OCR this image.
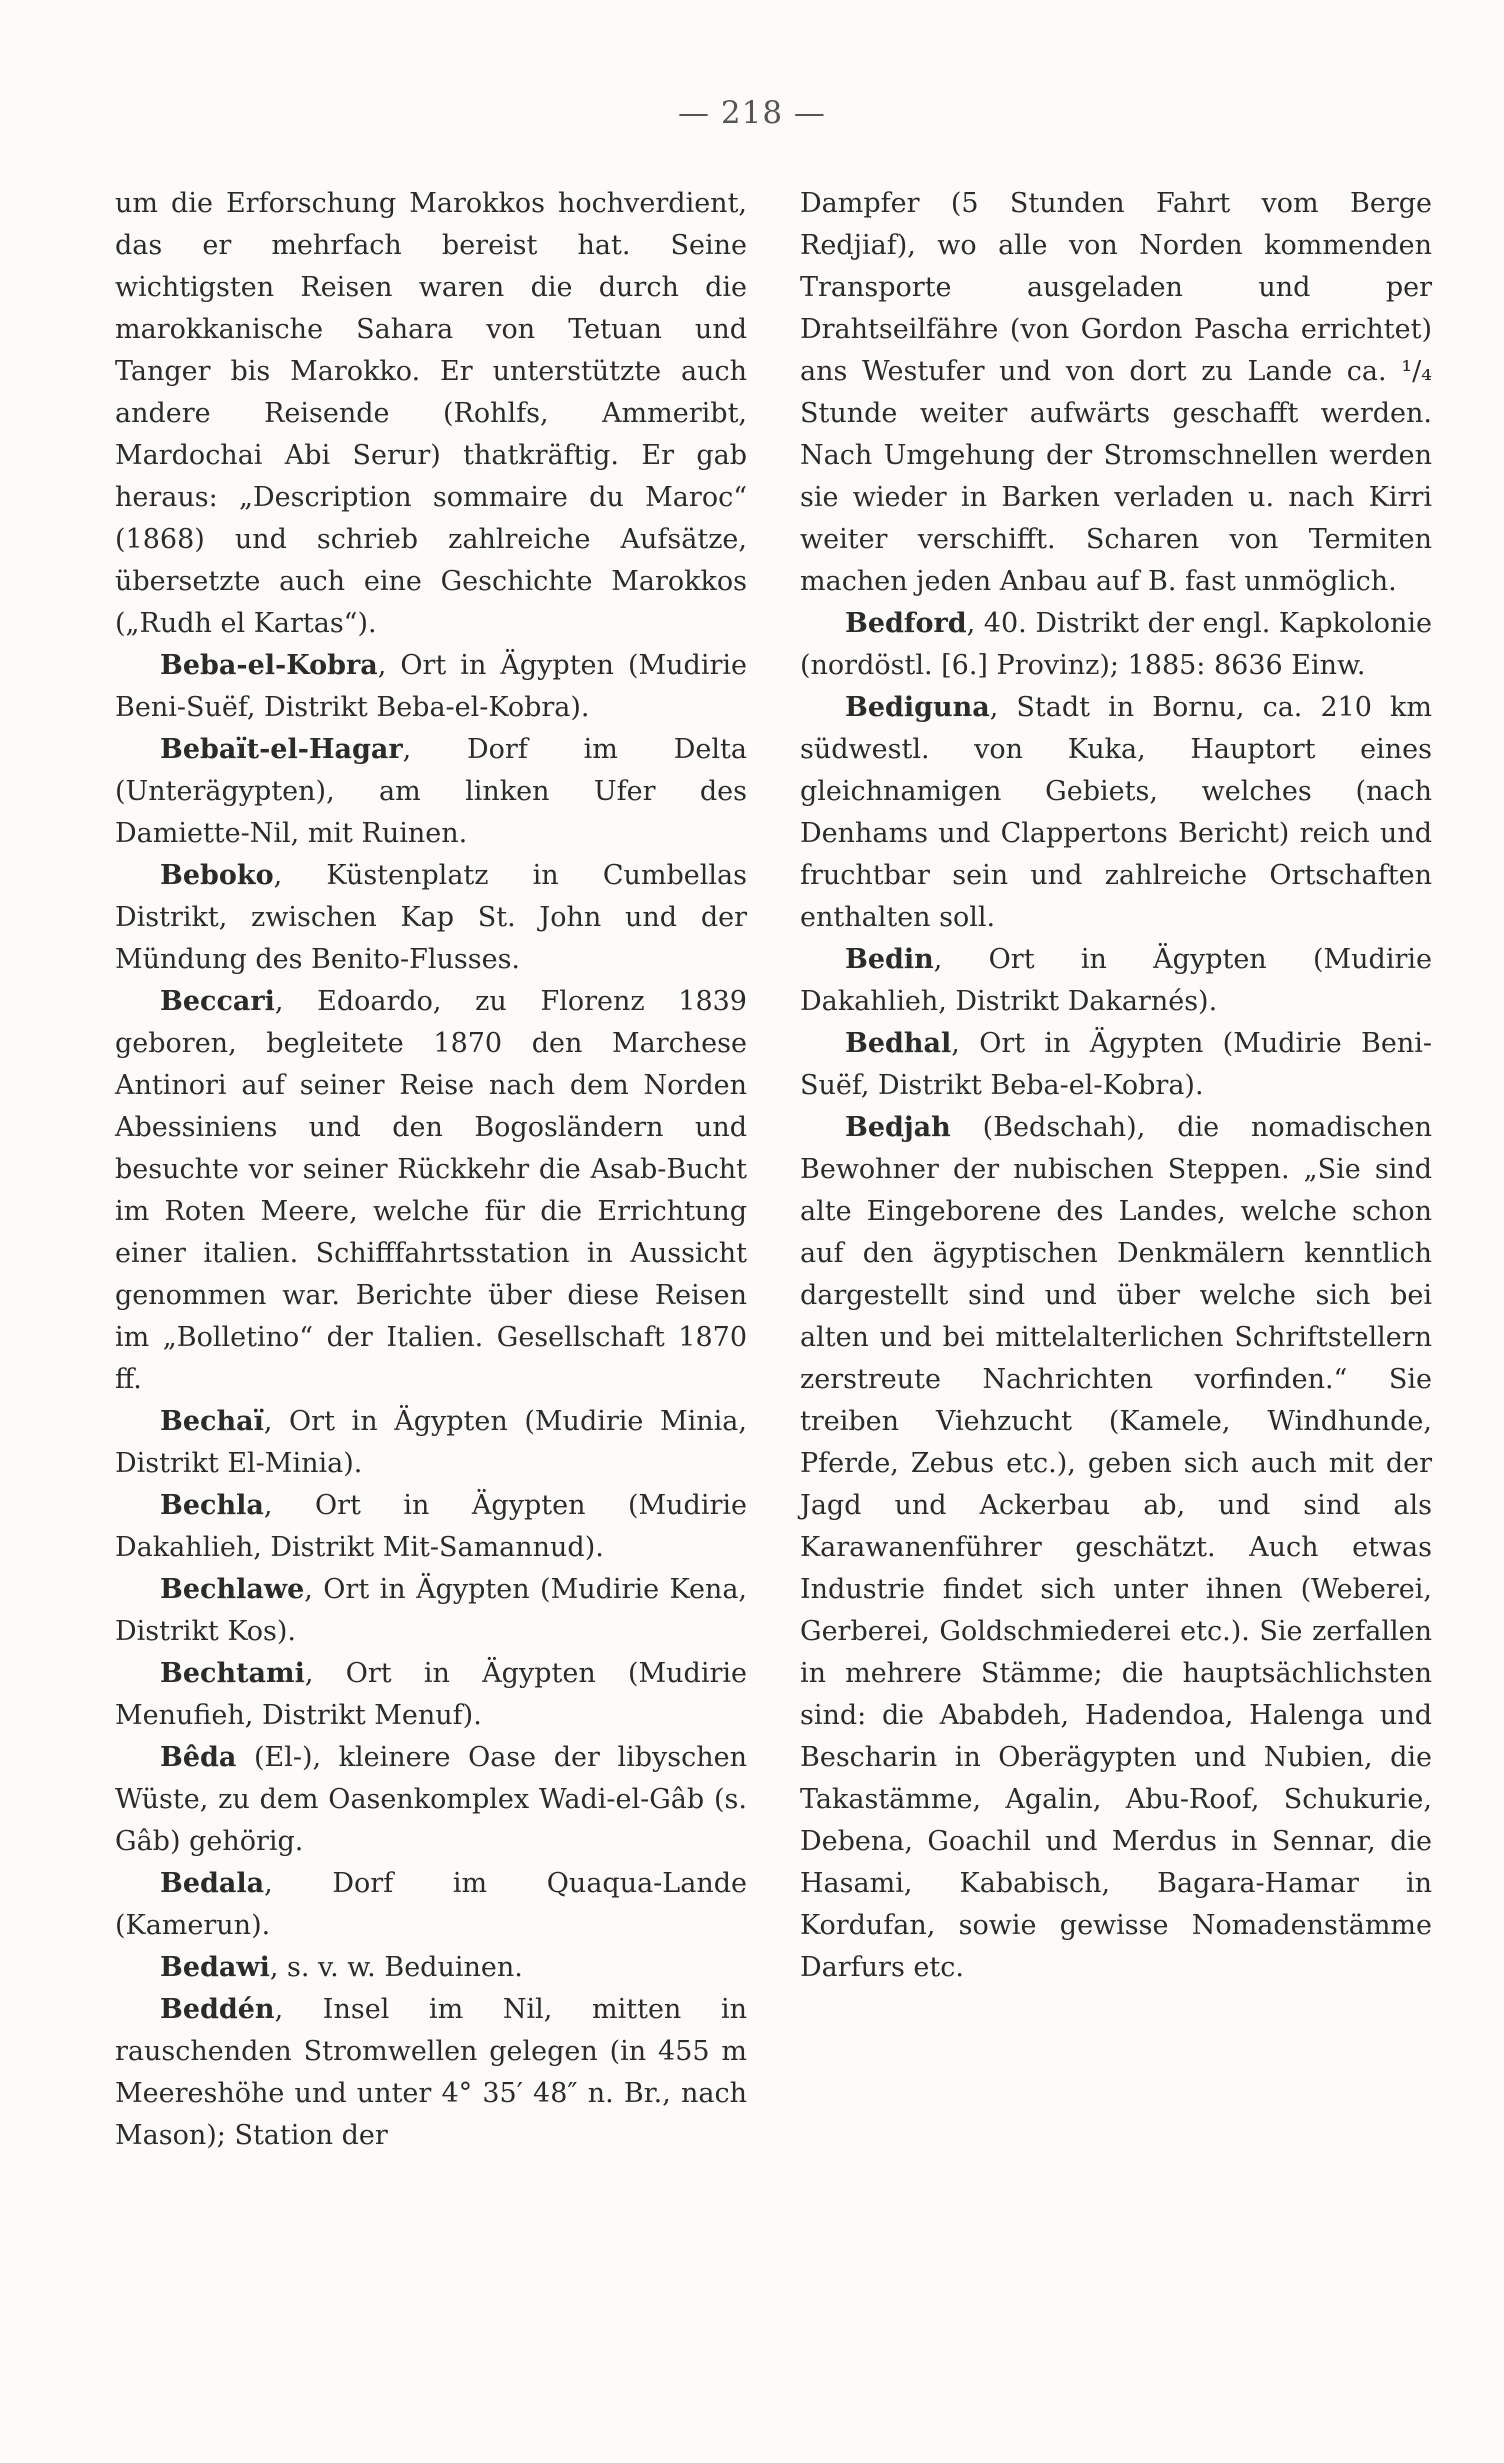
— 218 —

um die Erforschung Marokkos hochverdient, das er mehrfach bereist hat. Seine wichtigsten Reisen waren die durch die marokkanische Sahara von Tetuan und Tanger bis Marokko. Er unterstützte auch andere Reisende (Rohlfs, Ammeribt, Mardochai Abi Serur) thatkräftig. Er gab heraus: „Description sommaire du Maroc“ (1868) und schrieb zahlreiche Aufsätze, übersetzte auch eine Geschichte Marokkos („Rudh el Kartas“).

Beba-el-Kobra, Ort in Ägypten (Mudirie Beni-Suëf, Distrikt Beba-el-Kobra).

Bebaït-el-Hagar, Dorf im Delta (Unterägypten), am linken Ufer des Damiette-Nil, mit Ruinen.

Beboko, Küstenplatz in Cumbellas Distrikt, zwischen Kap St. John und der Mündung des Benito-Flusses.

Beccari, Edoardo, zu Florenz 1839 geboren, begleitete 1870 den Marchese Antinori auf seiner Reise nach dem Norden Abessiniens und den Bogosländern und besuchte vor seiner Rückkehr die Asab-Bucht im Roten Meere, welche für die Errichtung einer italien. Schifffahrtsstation in Aussicht genommen war. Berichte über diese Reisen im „Bolletino“ der Italien. Gesellschaft 1870 ff.

Bechaï, Ort in Ägypten (Mudirie Minia, Distrikt El-Minia).

Bechla, Ort in Ägypten (Mudirie Dakahlieh, Distrikt Mit-Samannud).

Bechlawe, Ort in Ägypten (Mudirie Kena, Distrikt Kos).

Bechtami, Ort in Ägypten (Mudirie Menufieh, Distrikt Menuf).

Bêda (El-), kleinere Oase der libyschen Wüste, zu dem Oasenkomplex Wadi-el-Gâb (s. Gâb) gehörig.

Bedala, Dorf im Quaqua-Lande (Kamerun).

Bedawi, s. v. w. Beduinen.

Beddén, Insel im Nil, mitten in rauschenden Stromwellen gelegen (in 455 m Meereshöhe und unter 4° 35′ 48″ n. Br., nach Mason); Station der

Dampfer (5 Stunden Fahrt vom Berge Redjiaf), wo alle von Norden kommenden Transporte ausgeladen und per Drahtseilfähre (von Gordon Pascha errichtet) ans Westufer und von dort zu Lande ca. ¹/₄ Stunde weiter aufwärts geschafft werden. Nach Umgehung der Stromschnellen werden sie wieder in Barken verladen u. nach Kirri weiter verschifft. Scharen von Termiten machen jeden Anbau auf B. fast unmöglich.

Bedford, 40. Distrikt der engl. Kapkolonie (nordöstl. [6.] Provinz); 1885: 8636 Einw.

Bediguna, Stadt in Bornu, ca. 210 km südwestl. von Kuka, Hauptort eines gleichnamigen Gebiets, welches (nach Denhams und Clappertons Bericht) reich und fruchtbar sein und zahlreiche Ortschaften enthalten soll.

Bedin, Ort in Ägypten (Mudirie Dakahlieh, Distrikt Dakarnés).

Bedhal, Ort in Ägypten (Mudirie Beni-Suëf, Distrikt Beba-el-Kobra).

Bedjah (Bedschah), die nomadischen Bewohner der nubischen Steppen. „Sie sind alte Eingeborene des Landes, welche schon auf den ägyptischen Denkmälern kenntlich dargestellt sind und über welche sich bei alten und bei mittelalterlichen Schriftstellern zerstreute Nachrichten vorfinden.“ Sie treiben Viehzucht (Kamele, Windhunde, Pferde, Zebus etc.), geben sich auch mit der Jagd und Ackerbau ab, und sind als Karawanenführer geschätzt. Auch etwas Industrie findet sich unter ihnen (Weberei, Gerberei, Goldschmiederei etc.). Sie zerfallen in mehrere Stämme; die hauptsächlichsten sind: die Ababdeh, Hadendoa, Halenga und Bescharin in Oberägypten und Nubien, die Takastämme, Agalin, Abu-Roof, Schukurie, Debena, Goachil und Merdus in Sennar, die Hasami, Kababisch, Bagara-Hamar in Kordufan, sowie gewisse Nomadenstämme Darfurs etc.
